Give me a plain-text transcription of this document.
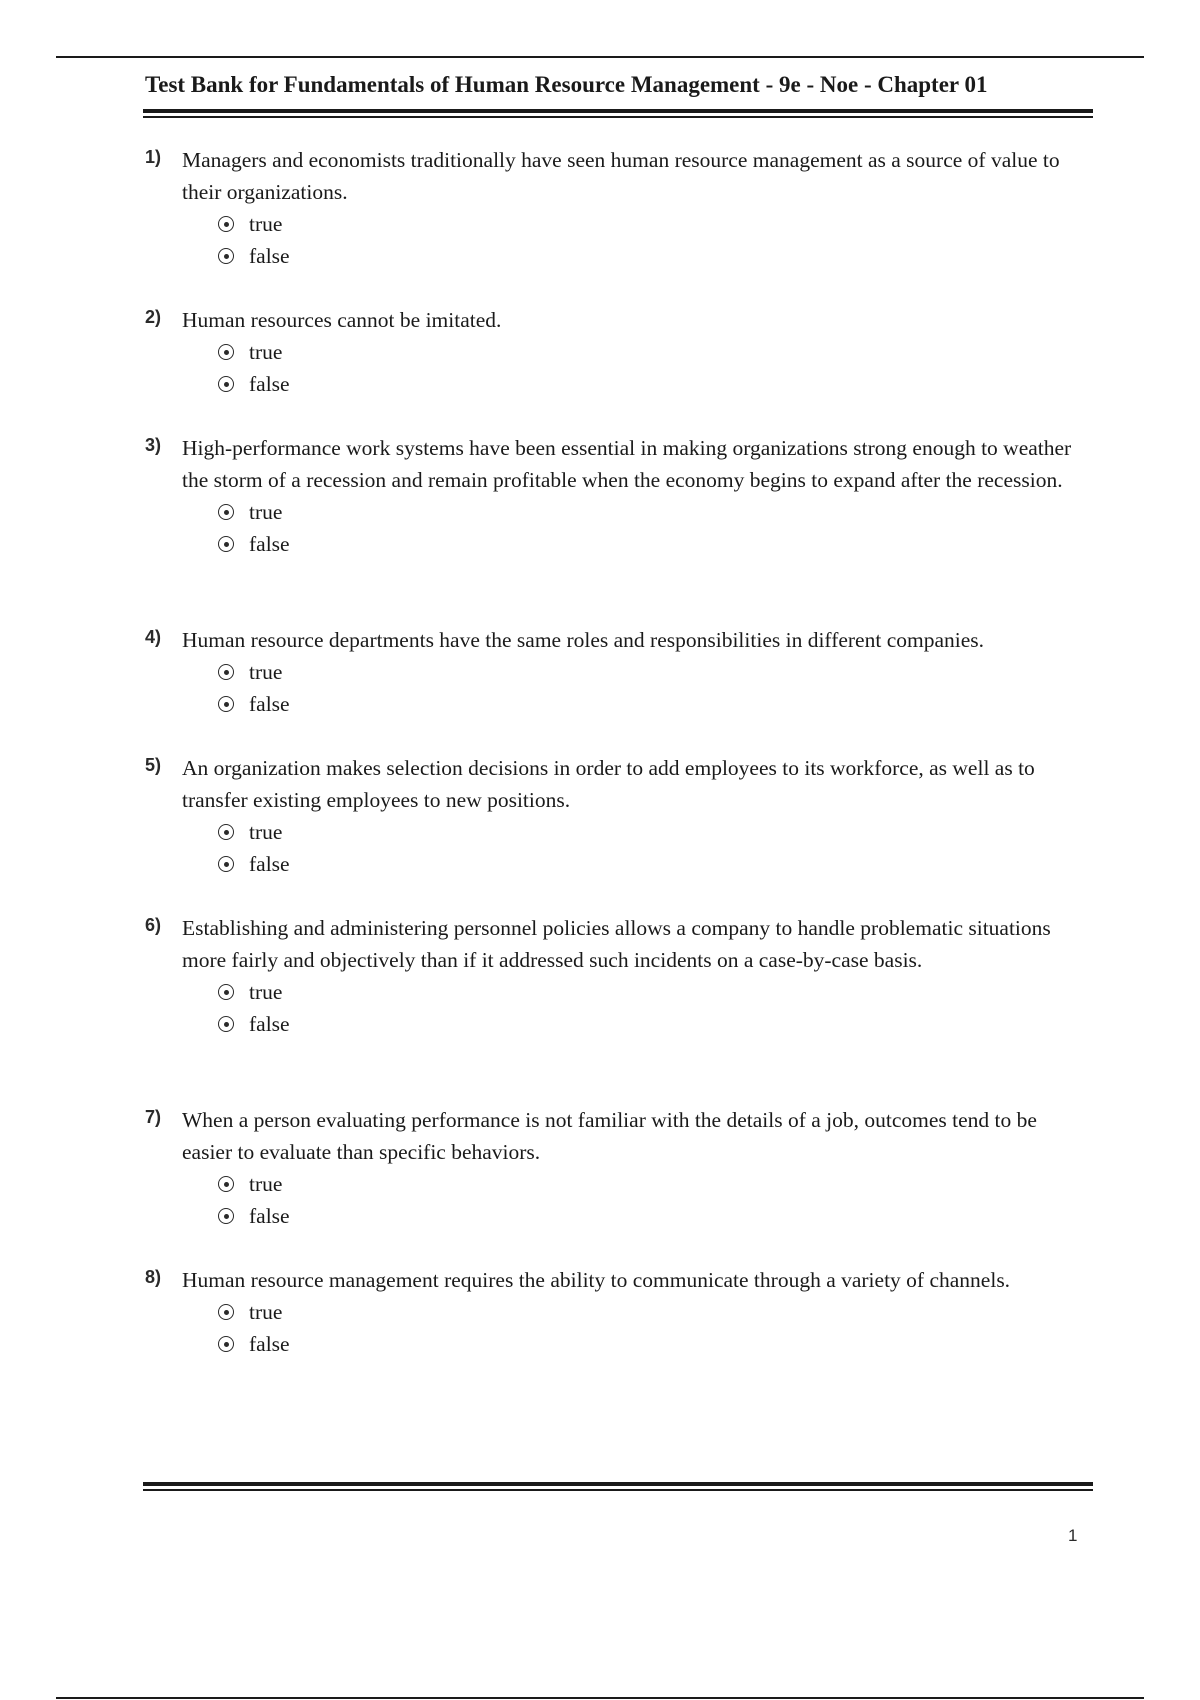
Test Bank for Fundamentals of Human Resource Management - 9e - Noe - Chapter 01
1) Managers and economists traditionally have seen human resource management as a source of value to their organizations.
true
false
2) Human resources cannot be imitated.
true
false
3) High-performance work systems have been essential in making organizations strong enough to weather the storm of a recession and remain profitable when the economy begins to expand after the recession.
true
false
4) Human resource departments have the same roles and responsibilities in different companies.
true
false
5) An organization makes selection decisions in order to add employees to its workforce, as well as to transfer existing employees to new positions.
true
false
6) Establishing and administering personnel policies allows a company to handle problematic situations more fairly and objectively than if it addressed such incidents on a case-by-case basis.
true
false
7) When a person evaluating performance is not familiar with the details of a job, outcomes tend to be easier to evaluate than specific behaviors.
true
false
8) Human resource management requires the ability to communicate through a variety of channels.
true
false
1
